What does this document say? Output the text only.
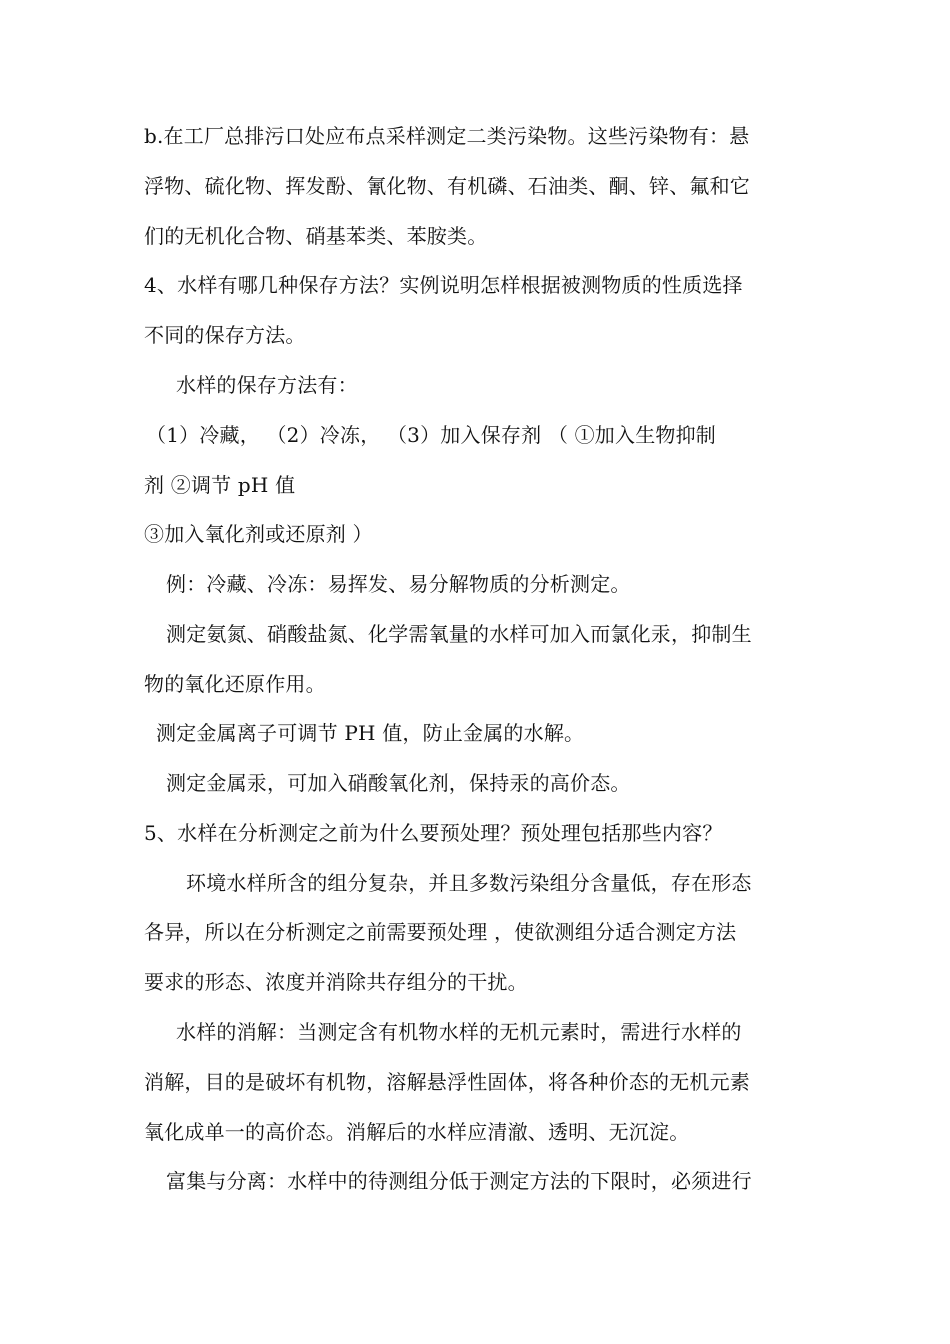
b.在工厂总排污口处应布点采样测定二类污染物。这些污染物有：悬
浮物、硫化物、挥发酚、氰化物、有机磷、石油类、酮、锌、氟和它
们的无机化合物、硝基苯类、苯胺类。
4、水样有哪几种保存方法？实例说明怎样根据被测物质的性质选择
不同的保存方法。
水样的保存方法有：
（1）冷藏， （2）冷冻， （3）加入保存剂 （ ①加入生物抑制
剂 ②调节 pH 值
③加入氧化剂或还原剂 ）
例：冷藏、冷冻：易挥发、易分解物质的分析测定。
测定氨氮、硝酸盐氮、化学需氧量的水样可加入而氯化汞，抑制生
物的氧化还原作用。
测定金属离子可调节 PH 值，防止金属的水解。
测定金属汞，可加入硝酸氧化剂，保持汞的高价态。
5、水样在分析测定之前为什么要预处理？预处理包括那些内容？
环境水样所含的组分复杂，并且多数污染组分含量低，存在形态
各异，所以在分析测定之前需要预处理 ，使欲测组分适合测定方法
要求的形态、浓度并消除共存组分的干扰。
水样的消解：当测定含有机物水样的无机元素时，需进行水样的
消解，目的是破坏有机物，溶解悬浮性固体，将各种价态的无机元素
氧化成单一的高价态。消解后的水样应清澈、透明、无沉淀。
富集与分离：水样中的待测组分低于测定方法的下限时，必须进行
